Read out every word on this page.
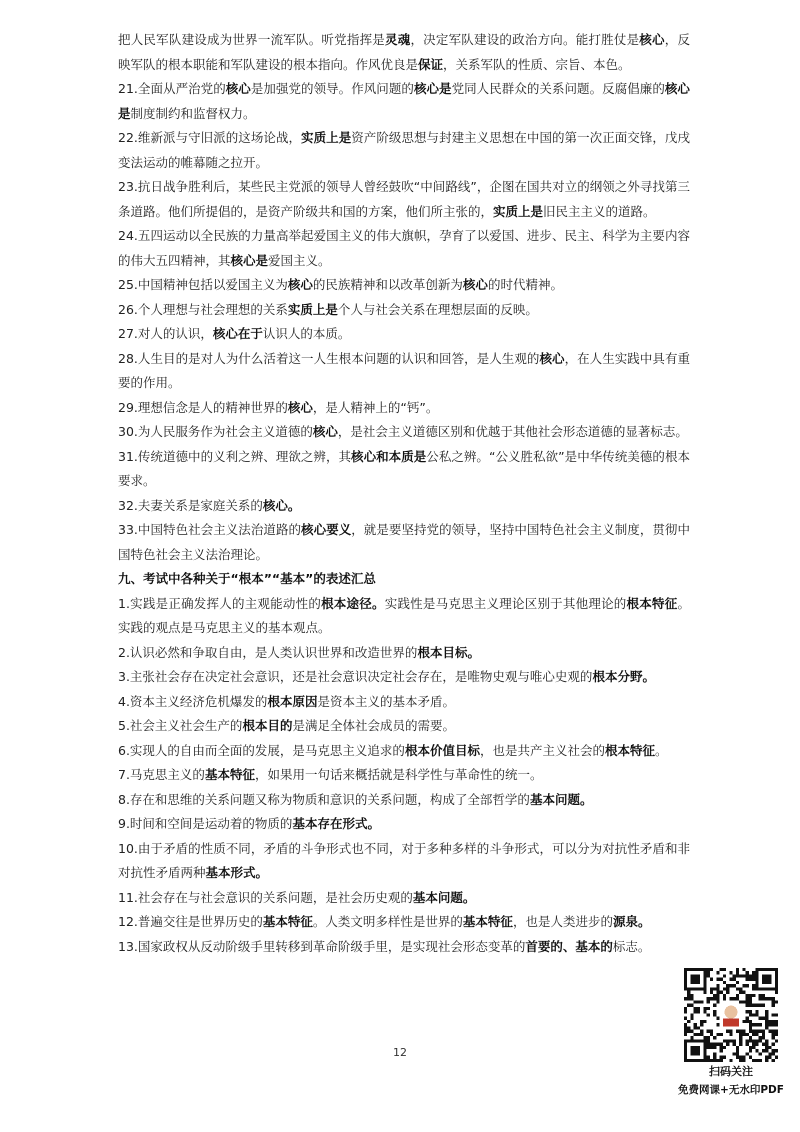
把人民军队建设成为世界一流军队。听党指挥是灵魂，决定军队建设的政治方向。能打胜仗是核心，反映军队的根本职能和军队建设的根本指向。作风优良是保证，关系军队的性质、宗旨、本色。

21.全面从严治党的核心是加强党的领导。作风问题的核心是党同人民群众的关系问题。反腐倡廉的核心是制度制约和监督权力。

22.维新派与守旧派的这场论战，实质上是资产阶级思想与封建主义思想在中国的第一次正面交锋，戊戌变法运动的帷幕随之拉开。

23.抗日战争胜利后，某些民主党派的领导人曾经鼓吹“中间路线”，企图在国共对立的纲领之外寻找第三条道路。他们所提倡的，是资产阶级共和国的方案，他们所主张的，实质上是旧民主主义的道路。

24.五四运动以全民族的力量高举起爱国主义的伟大旗帜，孕育了以爱国、进步、民主、科学为主要内容的伟大五四精神，其核心是爱国主义。

25.中国精神包括以爱国主义为核心的民族精神和以改革创新为核心的时代精神。

26.个人理想与社会理想的关系实质上是个人与社会关系在理想层面的反映。

27.对人的认识，核心在于认识人的本质。

28.人生目的是对人为什么活着这一人生根本问题的认识和回答，是人生观的核心，在人生实践中具有重要的作用。

29.理想信念是人的精神世界的核心，是人精神上的“钙”。

30.为人民服务作为社会主义道德的核心，是社会主义道德区别和优越于其他社会形态道德的显著标志。

31.传统道德中的义利之辨、理欲之辨，其核心和本质是公私之辨。“公义胜私欲”是中华传统美德的根本要求。

32.夫妻关系是家庭关系的核心。

33.中国特色社会主义法治道路的核心要义，就是要坚持党的领导，坚持中国特色社会主义制度，贯彻中国特色社会主义法治理论。

九、考试中各种关于“根本”“基本”的表述汇总

1.实践是正确发挥人的主观能动性的根本途径。实践性是马克思主义理论区别于其他理论的根本特征。实践的观点是马克思主义的基本观点。

2.认识必然和争取自由，是人类认识世界和改造世界的根本目标。

3.主张社会存在决定社会意识，还是社会意识决定社会存在，是唯物史观与唯心史观的根本分野。

4.资本主义经济危机爆发的根本原因是资本主义的基本矛盾。

5.社会主义社会生产的根本目的是满足全体社会成员的需要。

6.实现人的自由而全面的发展，是马克思主义追求的根本价值目标，也是共产主义社会的根本特征。

7.马克思主义的基本特征，如果用一句话来概括就是科学性与革命性的统一。

8.存在和思维的关系问题又称为物质和意识的关系问题，构成了全部哲学的基本问题。

9.时间和空间是运动着的物质的基本存在形式。

10.由于矛盾的性质不同，矛盾的斗争形式也不同，对于多种多样的斗争形式，可以分为对抗性矛盾和非对抗性矛盾两种基本形式。

11.社会存在与社会意识的关系问题，是社会历史观的基本问题。

12.普遍交往是世界历史的基本特征。人类文明多样性是世界的基本特征，也是人类进步的源泉。

13.国家政权从反动阶级手里转移到革命阶级手里，是实现社会形态变革的首要的、基本的标志。

12
扫码关注
免费网课+无水印PDF
